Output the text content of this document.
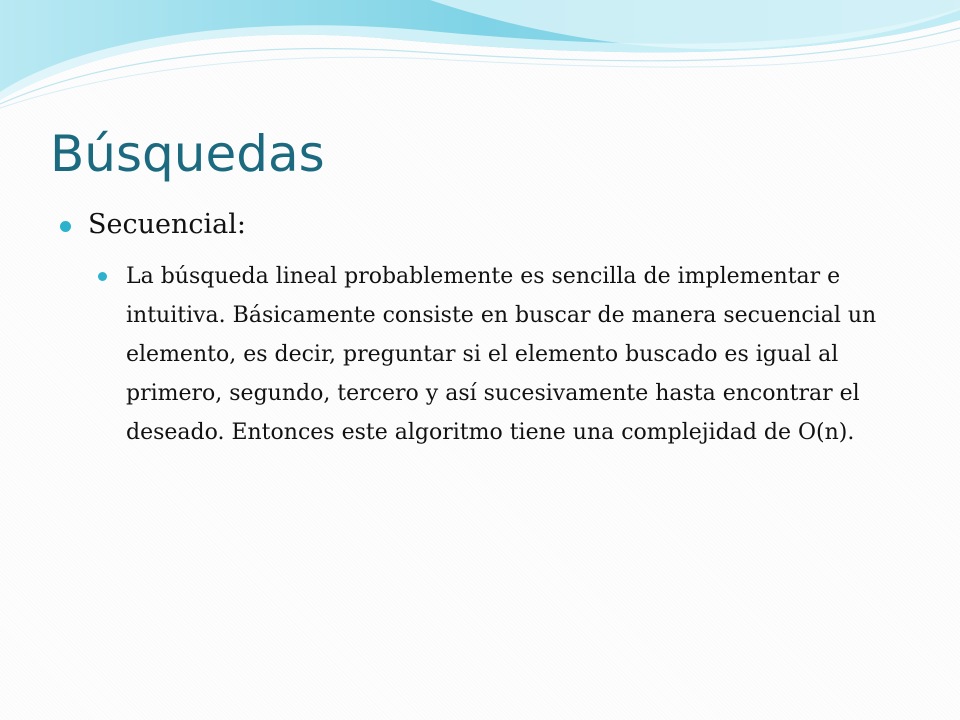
Búsquedas
Secuencial:
La búsqueda lineal probablemente es sencilla de implementar e intuitiva. Básicamente consiste en buscar de manera secuencial un elemento, es decir, preguntar si el elemento buscado es igual al primero, segundo, tercero y así sucesivamente hasta encontrar el deseado. Entonces este algoritmo tiene una complejidad de O(n).
